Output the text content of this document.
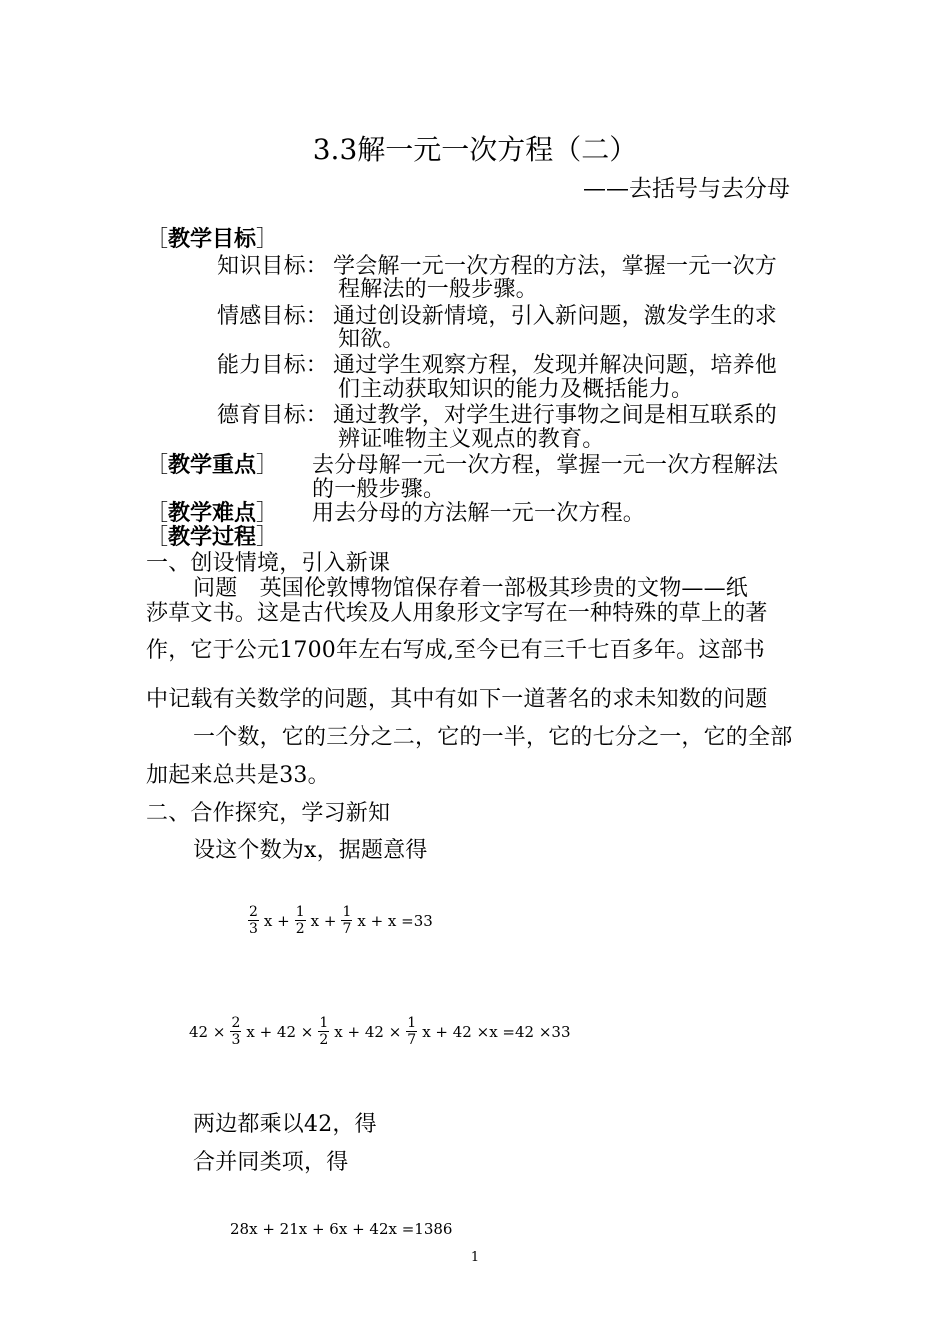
3.3解一元一次方程（二）
——去括号与去分母
［教学目标］
知识目标： 学会解一元一次方程的方法，掌握一元一次方
程解法的一般步骤。
情感目标： 通过创设新情境，引入新问题，激发学生的求
知欲。
能力目标： 通过学生观察方程，发现并解决问题，培养他
们主动获取知识的能力及概括能力。
德育目标： 通过教学，对学生进行事物之间是相互联系的
辨证唯物主义观点的教育。
［教学重点］ 去分母解一元一次方程，掌握一元一次方程解法
的一般步骤。
［教学难点］ 用去分母的方法解一元一次方程。
［教学过程］
一、创设情境，引入新课
问题　英国伦敦博物馆保存着一部极其珍贵的文物——纸
莎草文书。这是古代埃及人用象形文字写在一种特殊的草上的著
作，它于公元1700年左右写成,至今已有三千七百多年。这部书
中记载有关数学的问题，其中有如下一道著名的求未知数的问题
一个数，它的三分之二，它的一半，它的七分之一，它的全部
加起来总共是33。
二、合作探究，学习新知
设这个数为x，据题意得
$\frac{2}{3}$ $x + \frac{1}{2}$ $x + \frac{1}{7}$ x + x =33
$42 \times \frac{2}{3}$ $x + 42 \times \frac{1}{2}$ $x + 42 \times \frac{1}{7}$ x + 42 ×x =42 ×33
两边都乘以42，得
合并同类项，得
28x + 21x + 6x + 42x =1386
1
